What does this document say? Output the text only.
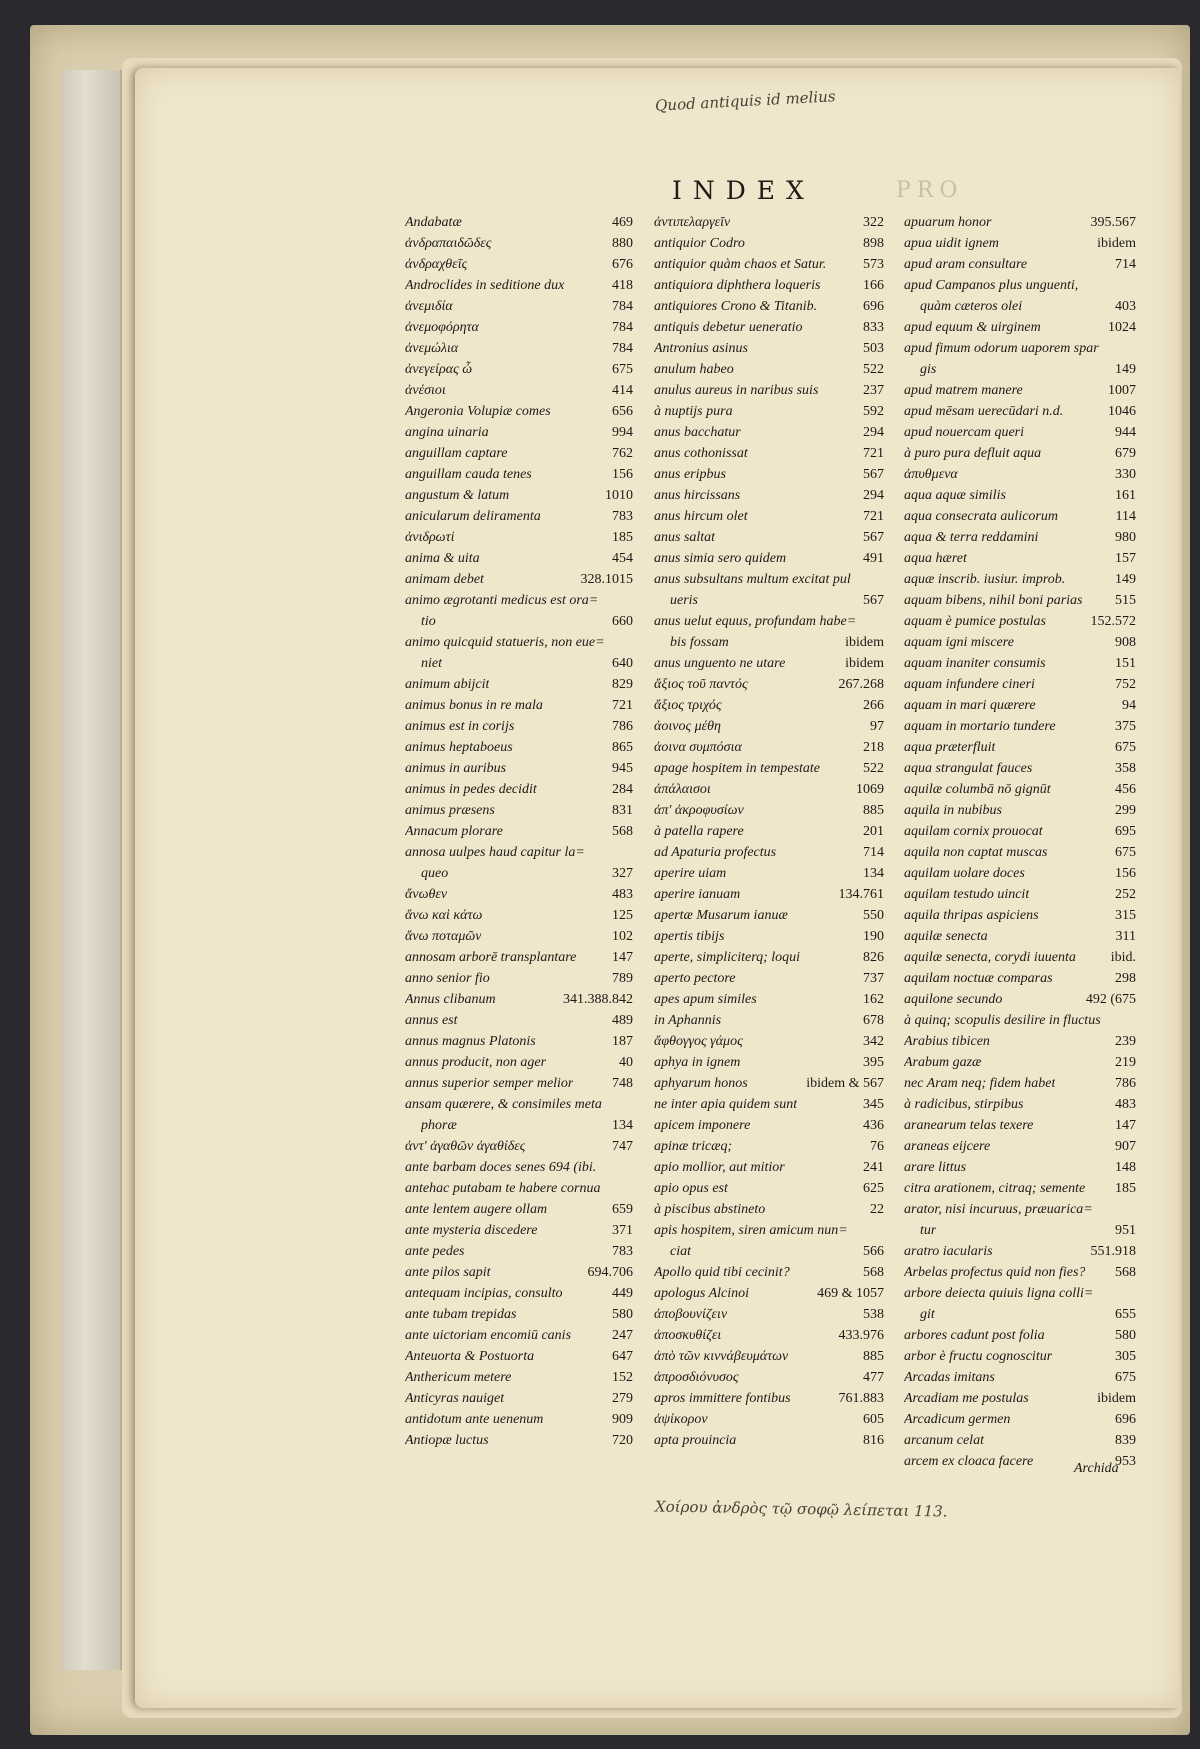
Quod antiquis id melius
INDEX	PRO
Andabatæ	469
ἀνδραπαιδῶδες	880
ἀνδραχθεῖς	676
Androclides in seditione dux	418
ἀνεμιδία	784
ἀνεμοφόρητα	784
ἀνεμώλια	784
ἀνεγείρας ὦ	675
ἀνέσιοι	414
Angeronia Volupiæ comes	656
angina uinaria	994
anguillam captare	762
anguillam cauda tenes	156
angustum & latum	1010
anicularum deliramenta	783
ἀνιδρωτί	185
anima & uita	454
animam debet	328.1015
animo ægrotanti medicus est ora=
tio	660
animo quicquid statueris, non eue=
niet	640
animum abijcit	829
animus bonus in re mala	721
animus est in corijs	786
animus heptaboeus	865
animus in auribus	945
animus in pedes decidit	284
animus præsens	831
Annacum plorare	568
annosa uulpes haud capitur la=
queo	327
ἄνωθεν	483
ἄνω καὶ κάτω	125
ἄνω ποταμῶν	102
annosam arborē transplantare	147
anno senior fio	789
Annus clibanum	341.388.842
annus est	489
annus magnus Platonis	187
annus producit, non ager	40
annus superior semper melior	748
ansam quærere, & consimiles meta
phoræ	134
ἀντ' ἀγαθῶν ἀγαθίδες	747
ante barbam doces senes 694 (ibi.
antehac putabam te habere cornua
ante lentem augere ollam	659
ante mysteria discedere	371
ante pedes	783
ante pilos sapit	694.706
antequam incipias, consulto	449
ante tubam trepidas	580
ante uictoriam encomiū canis	247
Anteuorta & Postuorta	647
Anthericum metere	152
Anticyras nauiget	279
antidotum ante uenenum	909
Antiopæ luctus	720
ἀντιπελαργεῖν	322
antiquior Codro	898
antiquior quàm chaos et Satur.	573
antiquiora diphthera loqueris	166
antiquiores Crono & Titanib.	696
antiquis debetur ueneratio	833
Antronius asinus	503
anulum habeo	522
anulus aureus in naribus suis	237
à nuptijs pura	592
anus bacchatur	294
anus cothonissat	721
anus eripbus	567
anus hircissans	294
anus hircum olet	721
anus saltat	567
anus simia sero quidem	491
anus subsultans multum excitat pul
ueris	567
anus uelut equus, profundam habe=
bis fossam	ibidem
anus unguento ne utare	ibidem
ἄξιος τοῦ παντός	267.268
ἄξιος τριχός	266
ἀοινος μέθη	97
ἀοινα συμπόσια	218
apage hospitem in tempestate	522
ἀπάλαισοι	1069
ἀπ' ἀκροφυσίων	885
à patella rapere	201
ad Apaturia profectus	714
aperire uiam	134
aperire ianuam	134.761
apertæ Musarum ianuæ	550
apertis tibijs	190
aperte, simpliciterq; loqui	826
aperto pectore	737
apes apum similes	162
in Aphannis	678
ἄφθογγος γάμος	342
aphya in ignem	395
aphyarum honos	ibidem & 567
ne inter apia quidem sunt	345
apicem imponere	436
apinæ tricæq;	76
apio mollior, aut mitior	241
apio opus est	625
à piscibus abstineto	22
apis hospitem, siren amicum nun=
ciat	566
Apollo quid tibi cecinit?	568
apologus Alcinoi	469 & 1057
ἀποβουνίζειν	538
ἀποσκυθίζει	433.976
ἀπὸ τῶν κιννάβευμάτων	885
ἀπροσδιόνυσος	477
apros immittere fontibus	761.883
ἀψίκορον	605
apta prouincia	816
apuarum honor	395.567
apua uidit ignem	ibidem
apud aram consultare	714
apud Campanos plus unguenti,
quàm cæteros olei	403
apud equum & uirginem	1024
apud fimum odorum uaporem spar
gis	149
apud matrem manere	1007
apud mēsam uerecūdari n.d.	1046
apud nouercam queri	944
à puro pura defluit aqua	679
ἀπυθμενα	330
aqua aquæ similis	161
aqua consecrata aulicorum	114
aqua & terra reddamini	980
aqua hæret	157
aquæ inscrib. iusiur. improb.	149
aquam bibens, nihil boni parias 515
aquam è pumice postulas	152.572
aquam igni miscere	908
aquam inaniter consumis	151
aquam infundere cineri	752
aquam in mari quærere	94
aquam in mortario tundere	375
aqua præterfluit	675
aqua strangulat fauces	358
aquilæ columbā nō gignūt	456
aquila in nubibus	299
aquilam cornix prouocat	695
aquila non captat muscas	675
aquilam uolare doces	156
aquilam testudo uincit	252
aquila thripas aspiciens	315
aquilæ senecta	311
aquilæ senecta, corydi iuuenta ibid.
aquilam noctuæ comparas	298
aquilone secundo	492 (675
à quinq; scopulis desilire in fluctus
Arabius tibicen	239
Arabum gazæ	219
nec Aram neq; fidem habet	786
à radicibus, stirpibus	483
aranearum telas texere	147
araneas eijcere	907
arare littus	148
citra arationem, citraq; semente 185
arator, nisi incuruus, præuarica=
tur	951
aratro iacularis	551.918
Arbelas profectus quid non fies? 568
arbore deiecta quiuis ligna colli=
git	655
arbores cadunt post folia	580
arbor è fructu cognoscitur	305
Arcadas imitans	675
Arcadiam me postulas	ibidem
Arcadicum germen	696
arcanum celat	839
arcem ex cloaca facere	953
Archida
Χοίρου ἀνδρὸς τῷ σοφῷ λείπεται 113.
